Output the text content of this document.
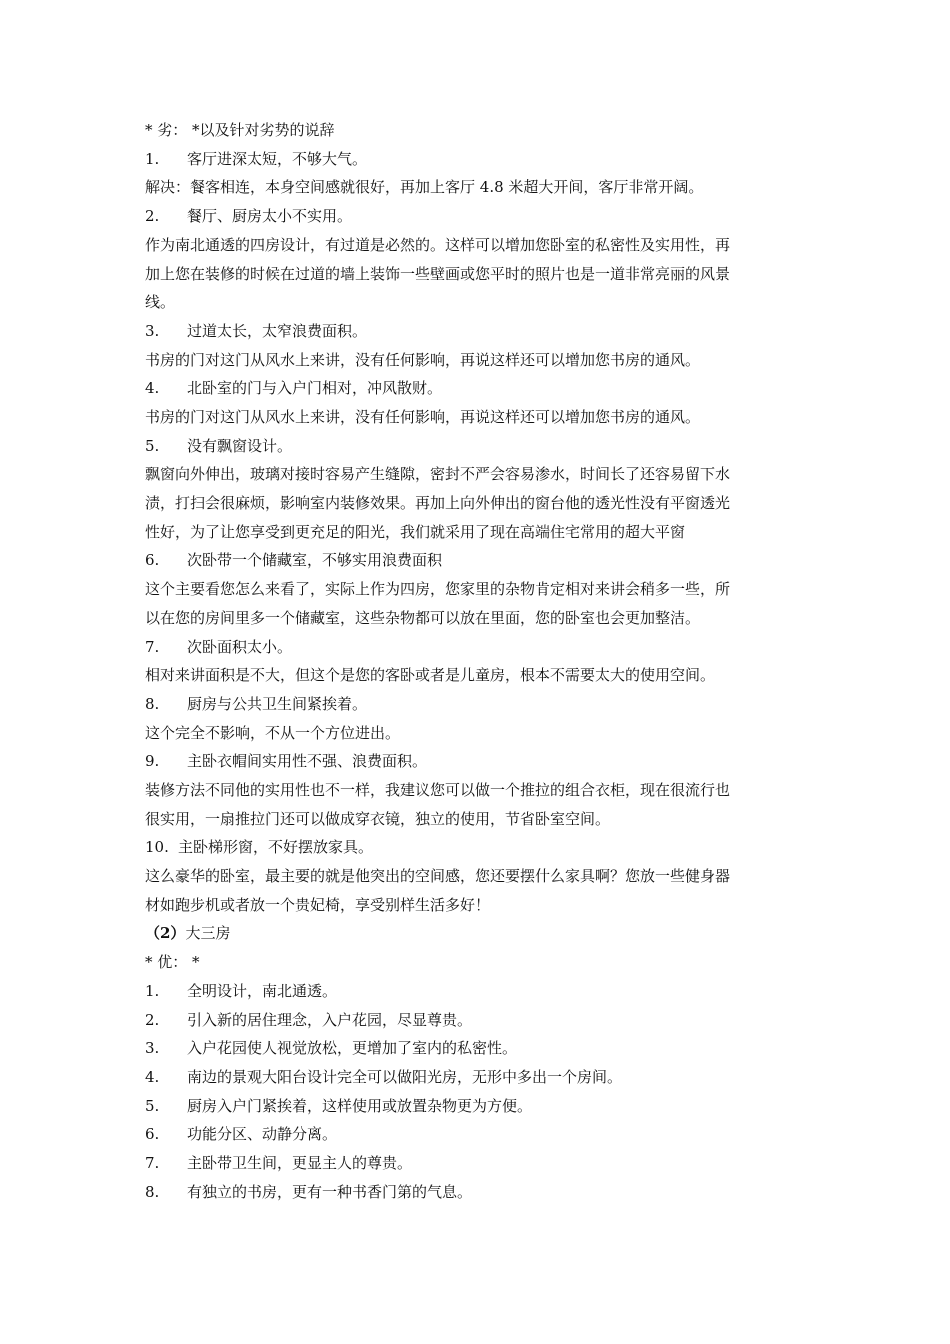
* 劣： *以及针对劣势的说辞
1. 客厅进深太短，不够大气。
解决：餐客相连，本身空间感就很好，再加上客厅 4.8 米超大开间，客厅非常开阔。
2. 餐厅、厨房太小不实用。
作为南北通透的四房设计，有过道是必然的。这样可以增加您卧室的私密性及实用性，再
加上您在装修的时候在过道的墙上装饰一些壁画或您平时的照片也是一道非常亮丽的风景
线。
3. 过道太长，太窄浪费面积。
书房的门对这门从风水上来讲，没有任何影响，再说这样还可以增加您书房的通风。
4. 北卧室的门与入户门相对，冲风散财。
书房的门对这门从风水上来讲，没有任何影响，再说这样还可以增加您书房的通风。
5. 没有飘窗设计。
飘窗向外伸出，玻璃对接时容易产生缝隙，密封不严会容易渗水，时间长了还容易留下水
渍，打扫会很麻烦，影响室内装修效果。再加上向外伸出的窗台他的透光性没有平窗透光
性好，为了让您享受到更充足的阳光，我们就采用了现在高端住宅常用的超大平窗
6. 次卧带一个储藏室，不够实用浪费面积
这个主要看您怎么来看了，实际上作为四房，您家里的杂物肯定相对来讲会稍多一些，所
以在您的房间里多一个储藏室，这些杂物都可以放在里面，您的卧室也会更加整洁。
7. 次卧面积太小。
相对来讲面积是不大，但这个是您的客卧或者是儿童房，根本不需要太大的使用空间。
8. 厨房与公共卫生间紧挨着。
这个完全不影响，不从一个方位进出。
9. 主卧衣帽间实用性不强、浪费面积。
装修方法不同他的实用性也不一样，我建议您可以做一个推拉的组合衣柜，现在很流行也
很实用，一扇推拉门还可以做成穿衣镜，独立的使用，节省卧室空间。
10. 主卧梯形窗，不好摆放家具。
这么豪华的卧室，最主要的就是他突出的空间感，您还要摆什么家具啊？您放一些健身器
材如跑步机或者放一个贵妃椅，享受别样生活多好！
（2）大三房
* 优： *
1. 全明设计，南北通透。
2. 引入新的居住理念，入户花园，尽显尊贵。
3. 入户花园使人视觉放松，更增加了室内的私密性。
4. 南边的景观大阳台设计完全可以做阳光房，无形中多出一个房间。
5. 厨房入户门紧挨着，这样使用或放置杂物更为方便。
6. 功能分区、动静分离。
7. 主卧带卫生间，更显主人的尊贵。
8. 有独立的书房，更有一种书香门第的气息。
